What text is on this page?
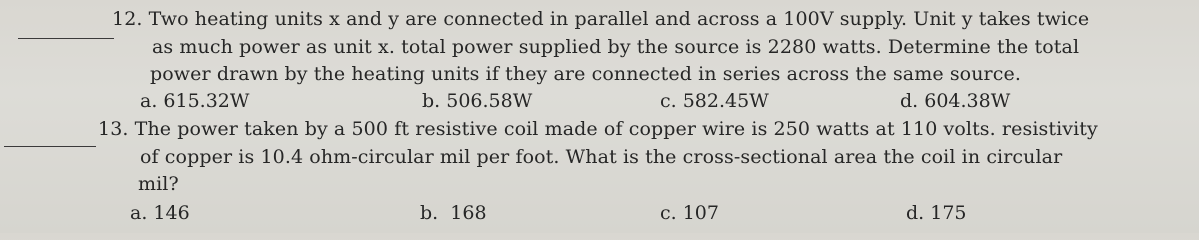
12. Two heating units x and y are connected in parallel and across a 100V supply. Unit y takes twice
as much power as unit x. total power supplied by the source is 2280 watts. Determine the total
power drawn by the heating units if they are connected in series across the same source.
a. 615.32W	b. 506.58W	c. 582.45W	d. 604.38W
13. The power taken by a 500 ft resistive coil made of copper wire is 250 watts at 110 volts. resistivity
of copper is 10.4 ohm-circular mil per foot. What is the cross-sectional area the coil in circular
mil?
a. 146	b.  168	c. 107	d. 175
